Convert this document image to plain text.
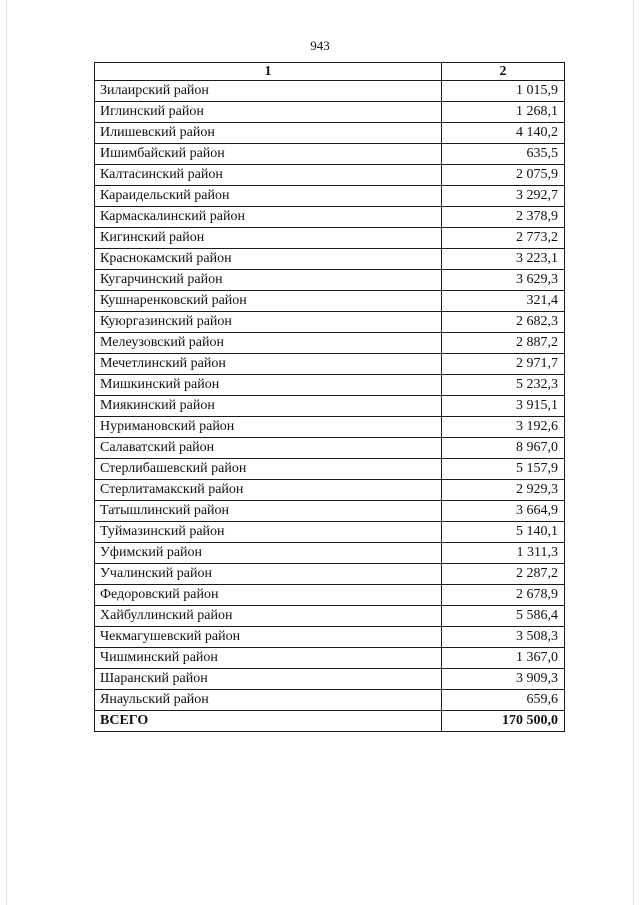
943
1	2
Зилаирский район	1 015,9
Иглинский район	1 268,1
Илишевский район	4 140,2
Ишимбайский район	635,5
Калтасинский район	2 075,9
Караидельский район	3 292,7
Кармаскалинский район	2 378,9
Кигинский район	2 773,2
Краснокамский район	3 223,1
Кугарчинский район	3 629,3
Кушнаренковский район	321,4
Куюргазинский район	2 682,3
Мелеузовский район	2 887,2
Мечетлинский район	2 971,7
Мишкинский район	5 232,3
Миякинский район	3 915,1
Нуримановский район	3 192,6
Салаватский район	8 967,0
Стерлибашевский район	5 157,9
Стерлитамакский район	2 929,3
Татышлинский район	3 664,9
Туймазинский район	5 140,1
Уфимский район	1 311,3
Учалинский район	2 287,2
Федоровский район	2 678,9
Хайбуллинский район	5 586,4
Чекмагушевский район	3 508,3
Чишминский район	1 367,0
Шаранский район	3 909,3
Янаульский район	659,6
ВСЕГО	170 500,0
